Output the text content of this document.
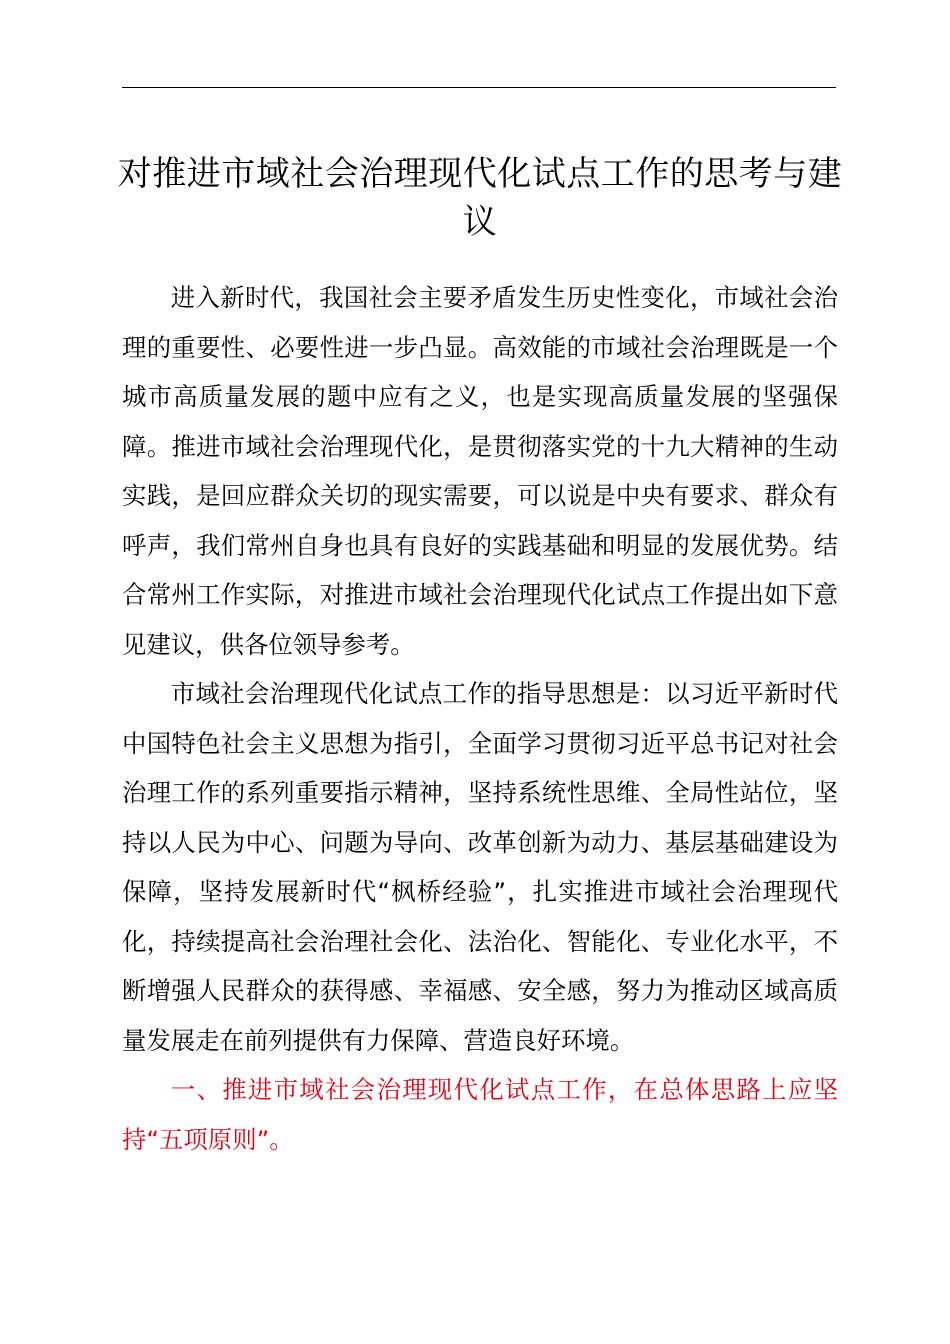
对推进市域社会治理现代化试点工作的思考与建议

进入新时代，我国社会主要矛盾发生历史性变化，市域社会治理的重要性、必要性进一步凸显。高效能的市域社会治理既是一个城市高质量发展的题中应有之义，也是实现高质量发展的坚强保障。推进市域社会治理现代化，是贯彻落实党的十九大精神的生动实践，是回应群众关切的现实需要，可以说是中央有要求、群众有呼声，我们常州自身也具有良好的实践基础和明显的发展优势。结合常州工作实际，对推进市域社会治理现代化试点工作提出如下意见建议，供各位领导参考。

市域社会治理现代化试点工作的指导思想是：以习近平新时代中国特色社会主义思想为指引，全面学习贯彻习近平总书记对社会治理工作的系列重要指示精神，坚持系统性思维、全局性站位，坚持以人民为中心、问题为导向、改革创新为动力、基层基础建设为保障，坚持发展新时代“枫桥经验”，扎实推进市域社会治理现代化，持续提高社会治理社会化、法治化、智能化、专业化水平，不断增强人民群众的获得感、幸福感、安全感，努力为推动区域高质量发展走在前列提供有力保障、营造良好环境。

一、推进市域社会治理现代化试点工作，在总体思路上应坚持“五项原则”。
